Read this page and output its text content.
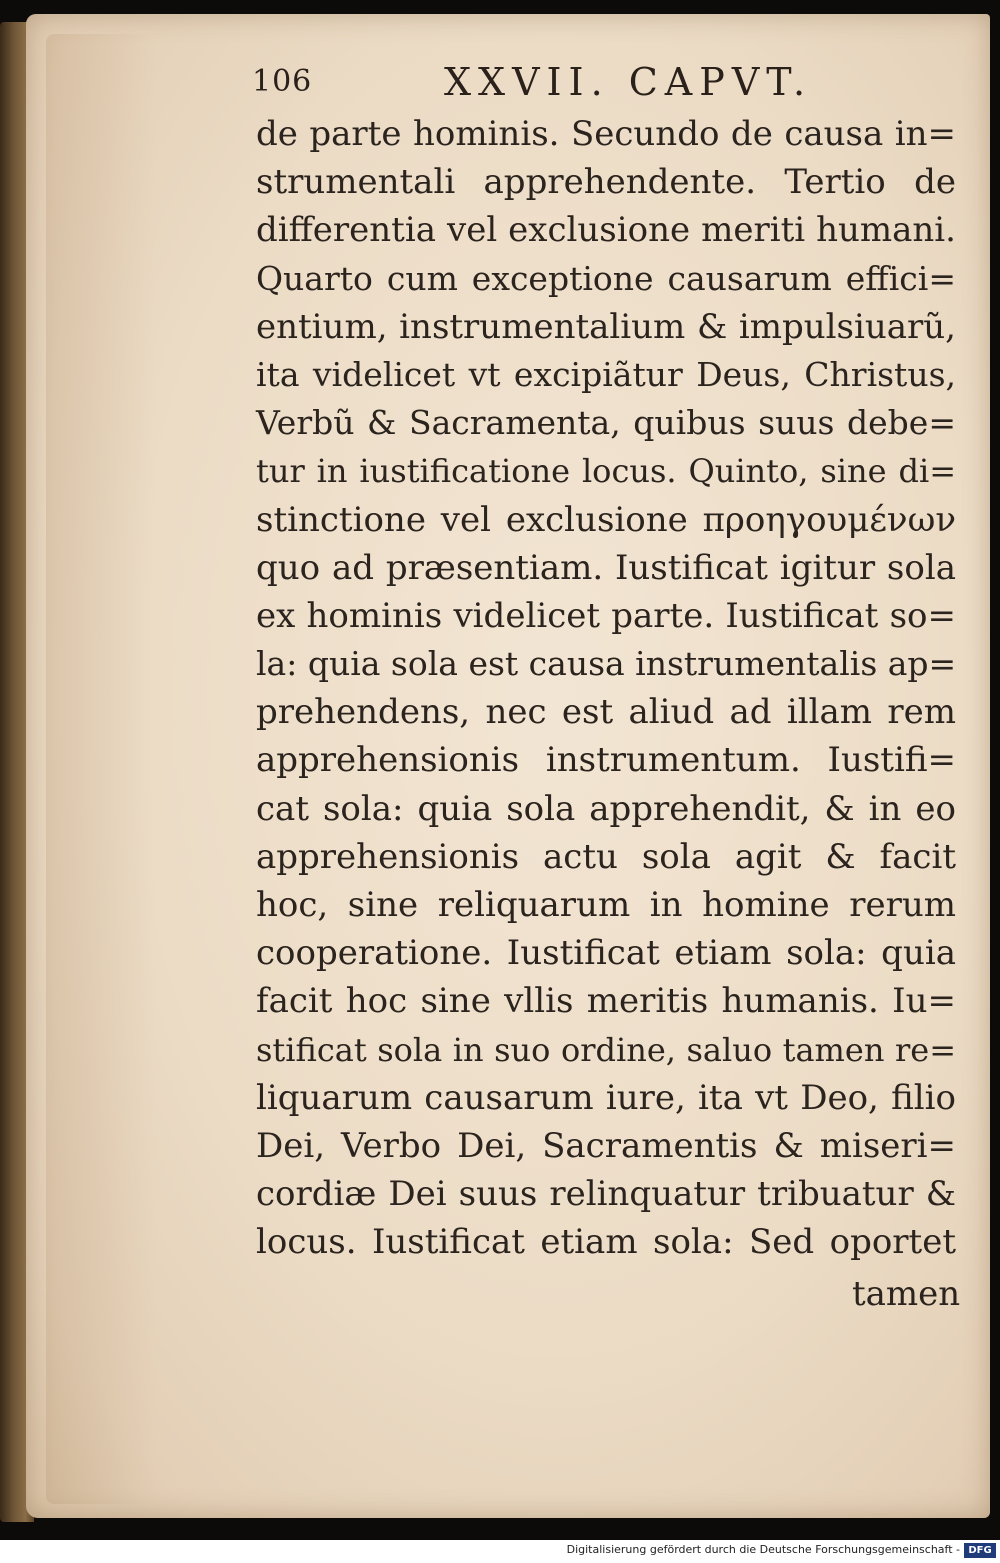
106	XXVII. CAPVT.
de parte hominis. Secundo de causa in=
strumentali apprehendente. Tertio de
differentia vel exclusione meriti humani.
Quarto cum exceptione causarum effici=
entium, instrumentalium & impulsiuarũ,
ita videlicet vt excipiãtur Deus, Christus,
Verbũ & Sacramenta, quibus suus debe=
tur in iustificatione locus. Quinto, sine di=
stinctione vel exclusione προηγουμένων
quo ad præsentiam. Iustificat igitur sola
ex hominis videlicet parte. Iustificat so=
la: quia sola est causa instrumentalis ap=
prehendens, nec est aliud ad illam rem
apprehensionis instrumentum. Iustifi=
cat sola: quia sola apprehendit, & in eo
apprehensionis actu sola agit & facit
hoc, sine reliquarum in homine rerum
cooperatione. Iustificat etiam sola: quia
facit hoc sine vllis meritis humanis. Iu=
stificat sola in suo ordine, saluo tamen re=
liquarum causarum iure, ita vt Deo, filio
Dei, Verbo Dei, Sacramentis & miseri=
cordiæ Dei suus relinquatur tribuatur &
locus. Iustificat etiam sola: Sed oportet
tamen
Digitalisierung gefördert durch die Deutsche Forschungsgemeinschaft - DFG
